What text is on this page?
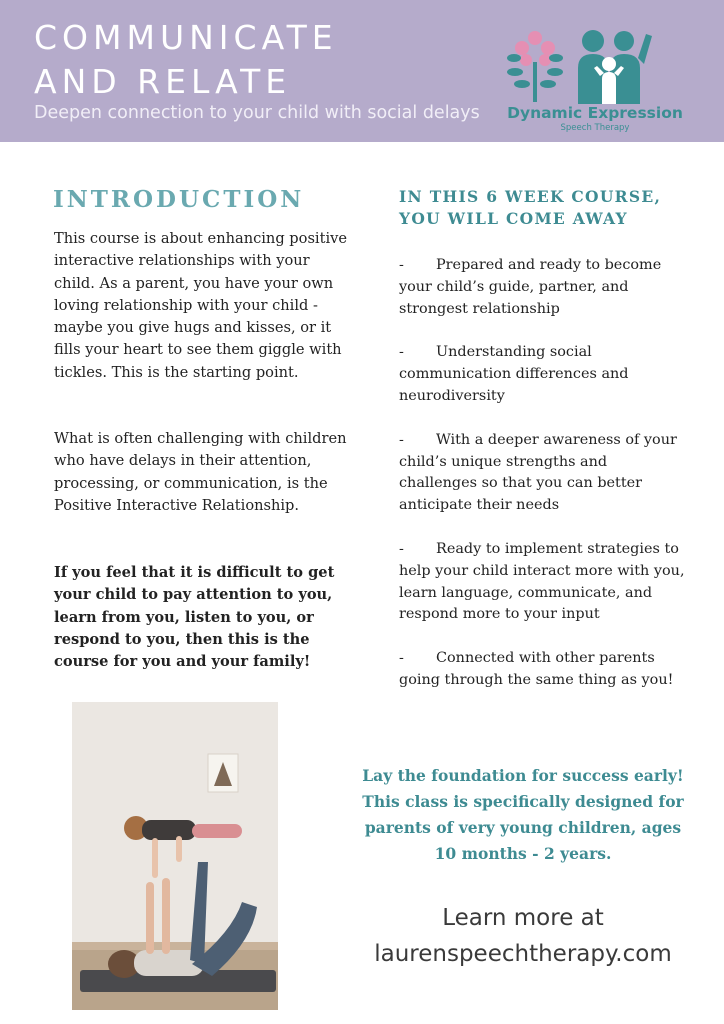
COMMUNICATE
AND RELATE
Deepen connection to your child with social delays	Dynamic Expression
Speech Therapy
INTRODUCTION

This course is about enhancing positive interactive relationships with your child. As a parent, you have your own loving relationship with your child - maybe you give hugs and kisses, or it fills your heart to see them giggle with tickles. This is the starting point.

What is often challenging with children who have delays in their attention, processing, or communication, is the Positive Interactive Relationship.

If you feel that it is difficult to get your child to pay attention to you, learn from you, listen to you, or respond to you, then this is the course for you and your family!

IN THIS 6 WEEK COURSE,
YOU WILL COME AWAY

- Prepared and ready to become your child’s guide, partner, and strongest relationship
- Understanding social communication differences and neurodiversity
- With a deeper awareness of your child’s unique strengths and challenges so that you can better anticipate their needs
- Ready to implement strategies to help your child interact more with you, learn language, communicate, and respond more to your input
- Connected with other parents going through the same thing as you!

Lay the foundation for success early! This class is specifically designed for parents of very young children, ages 10 months - 2 years.

Learn more at
laurenspeechtherapy.com
